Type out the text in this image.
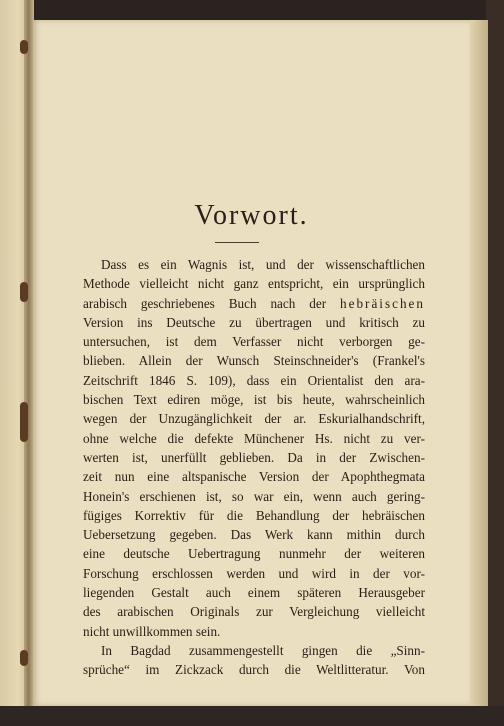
Vorwort.
Dass es ein Wagnis ist, und der wissenschaftlichen
Methode vielleicht nicht ganz entspricht, ein ursprünglich
arabisch geschriebenes Buch nach der hebräischen
Version ins Deutsche zu übertragen und kritisch zu
untersuchen, ist dem Verfasser nicht verborgen ge-
blieben. Allein der Wunsch Steinschneider's (Frankel's
Zeitschrift 1846 S. 109), dass ein Orientalist den ara-
bischen Text ediren möge, ist bis heute, wahrscheinlich
wegen der Unzugänglichkeit der ar. Eskurialhandschrift,
ohne welche die defekte Münchener Hs. nicht zu ver-
werten ist, unerfüllt geblieben. Da in der Zwischen-
zeit nun eine altspanische Version der Apophthegmata
Honein's erschienen ist, so war ein, wenn auch gering-
fügiges Korrektiv für die Behandlung der hebräischen
Uebersetzung gegeben. Das Werk kann mithin durch
eine deutsche Uebertragung nunmehr der weiteren
Forschung erschlossen werden und wird in der vor-
liegenden Gestalt auch einem späteren Herausgeber
des arabischen Originals zur Vergleichung vielleicht
nicht unwillkommen sein.
In Bagdad zusammengestellt gingen die „Sinn-
sprüche“ im Zickzack durch die Weltlitteratur. Von
